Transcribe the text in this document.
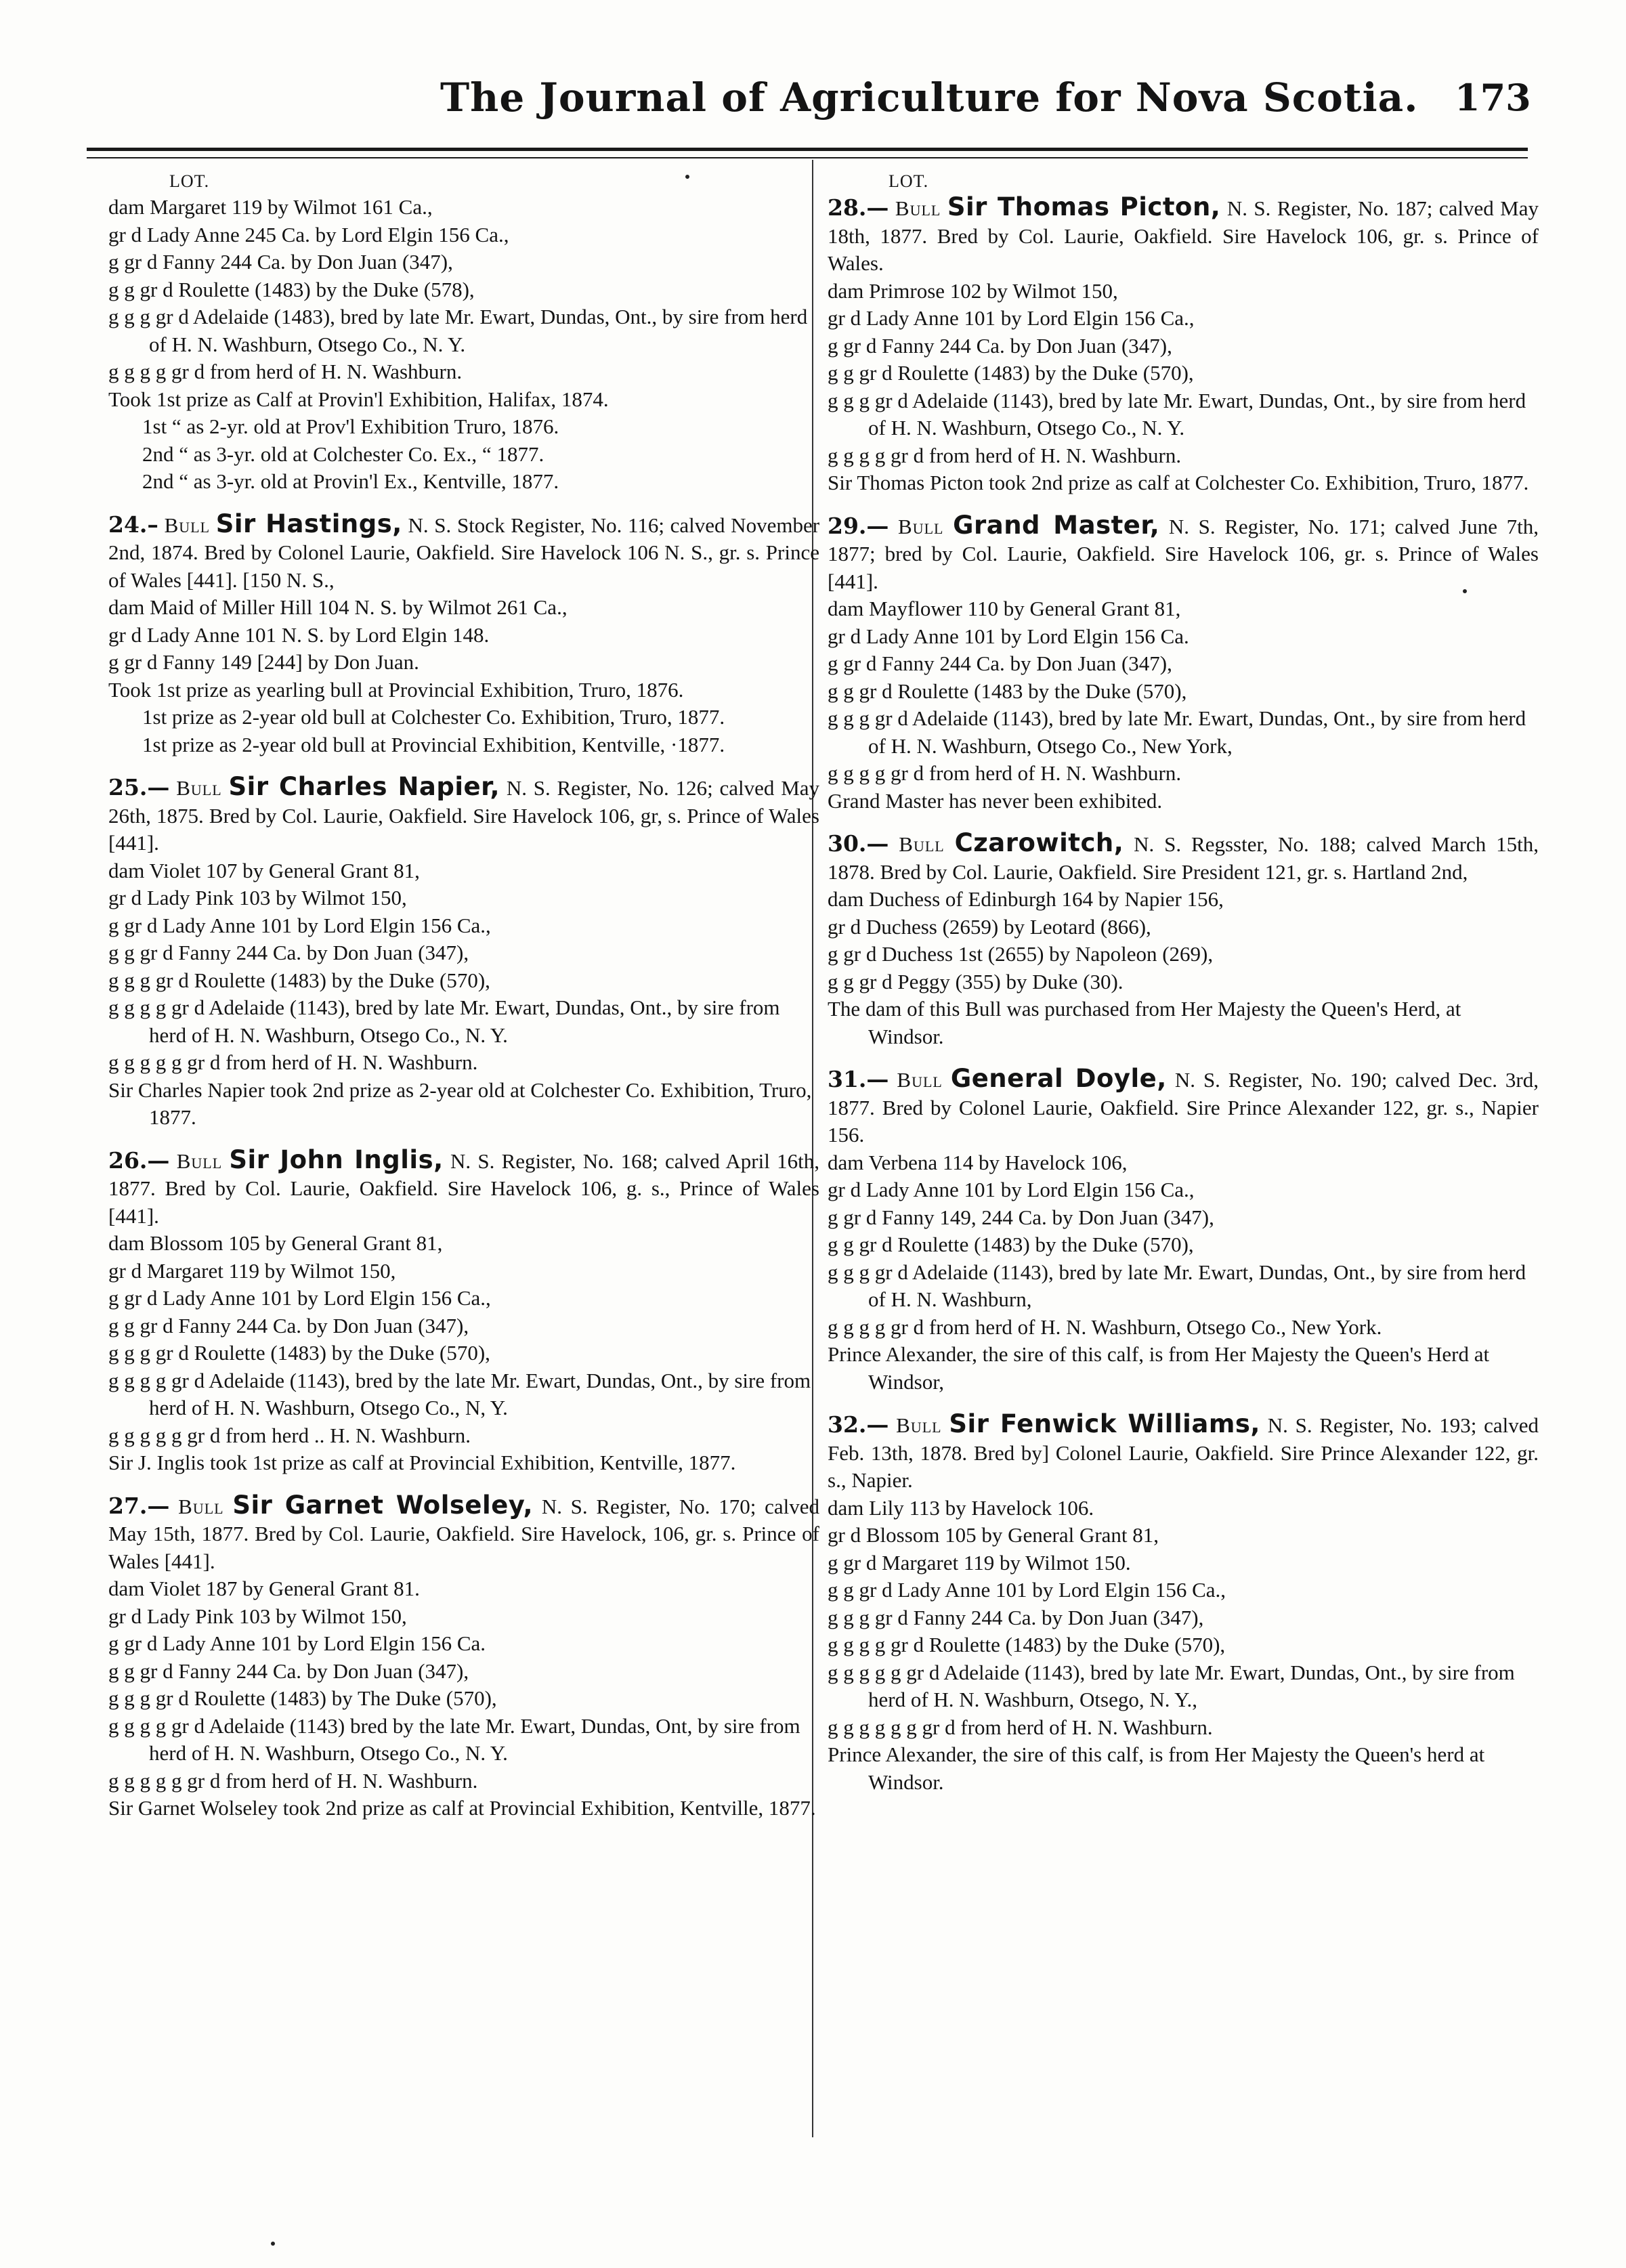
The Journal of Agriculture for Nova Scotia. 173
LOT.
dam Margaret 119 by Wilmot 161 Ca.,
gr d Lady Anne 245 Ca. by Lord Elgin 156 Ca.,
g gr d Fanny 244 Ca. by Don Juan (347),
g g gr d Roulette (1483) by the Duke (578),
g g g gr d Adelaide (1483), bred by late Mr. Ewart, Dundas, Ont., by sire from herd of H. N. Washburn, Otsego Co., N. Y.
g g g g gr d from herd of H. N. Washburn.
Took 1st prize as Calf at Provin'l Exhibition, Halifax, 1874.
1st “ as 2-yr. old at Prov'l Exhibition Truro, 1876.
2nd “ as 3-yr. old at Colchester Co. Ex., “ 1877.
2nd “ as 3-yr. old at Provin'l Ex., Kentville, 1877.
24.– Bull Sir Hastings, N. S. Stock Register, No. 116; calved November 2nd, 1874. Bred by Colonel Laurie, Oakfield. Sire Havelock 106 N. S., gr. s. Prince of Wales [441]. [150 N. S.,
dam Maid of Miller Hill 104 N. S. by Wilmot 261 Ca.,
gr d Lady Anne 101 N. S. by Lord Elgin 148.
g gr d Fanny 149 [244] by Don Juan.
Took 1st prize as yearling bull at Provincial Exhibition, Truro, 1876.
1st prize as 2-year old bull at Colchester Co. Exhibition, Truro, 1877.
1st prize as 2-year old bull at Provincial Exhibition, Kentville, ·1877.
25.— Bull Sir Charles Napier, N. S. Register, No. 126; calved May 26th, 1875. Bred by Col. Laurie, Oakfield. Sire Havelock 106, gr, s. Prince of Wales [441].
dam Violet 107 by General Grant 81,
gr d Lady Pink 103 by Wilmot 150,
g gr d Lady Anne 101 by Lord Elgin 156 Ca.,
g g gr d Fanny 244 Ca. by Don Juan (347),
g g g gr d Roulette (1483) by the Duke (570),
g g g g gr d Adelaide (1143), bred by late Mr. Ewart, Dundas, Ont., by sire from herd of H. N. Washburn, Otsego Co., N. Y.
g g g g g gr d from herd of H. N. Washburn.
Sir Charles Napier took 2nd prize as 2-year old at Colchester Co. Exhibition, Truro, 1877.
26.— Bull Sir John Inglis, N. S. Register, No. 168; calved April 16th, 1877. Bred by Col. Laurie, Oakfield. Sire Havelock 106, g. s., Prince of Wales [441].
dam Blossom 105 by General Grant 81,
gr d Margaret 119 by Wilmot 150,
g gr d Lady Anne 101 by Lord Elgin 156 Ca.,
g g gr d Fanny 244 Ca. by Don Juan (347),
g g g gr d Roulette (1483) by the Duke (570),
g g g g gr d Adelaide (1143), bred by the late Mr. Ewart, Dundas, Ont., by sire from herd of H. N. Washburn, Otsego Co., N, Y.
g g g g g gr d from herd .. H. N. Washburn.
Sir J. Inglis took 1st prize as calf at Provincial Exhibition, Kentville, 1877.
27.— Bull Sir Garnet Wolseley, N. S. Register, No. 170; calved May 15th, 1877. Bred by Col. Laurie, Oakfield. Sire Havelock, 106, gr. s. Prince of Wales [441].
dam Violet 187 by General Grant 81.
gr d Lady Pink 103 by Wilmot 150,
g gr d Lady Anne 101 by Lord Elgin 156 Ca.
g g gr d Fanny 244 Ca. by Don Juan (347),
g g g gr d Roulette (1483) by The Duke (570),
g g g g gr d Adelaide (1143) bred by the late Mr. Ewart, Dundas, Ont, by sire from herd of H. N. Washburn, Otsego Co., N. Y.
g g g g g gr d from herd of H. N. Washburn.
Sir Garnet Wolseley took 2nd prize as calf at Provincial Exhibition, Kentville, 1877.
LOT.
28.— Bull Sir Thomas Picton, N. S. Register, No. 187; calved May 18th, 1877. Bred by Col. Laurie, Oakfield. Sire Havelock 106, gr. s. Prince of Wales.
dam Primrose 102 by Wilmot 150,
gr d Lady Anne 101 by Lord Elgin 156 Ca.,
g gr d Fanny 244 Ca. by Don Juan (347),
g g gr d Roulette (1483) by the Duke (570),
g g g gr d Adelaide (1143), bred by late Mr. Ewart, Dundas, Ont., by sire from herd of H. N. Washburn, Otsego Co., N. Y.
g g g g gr d from herd of H. N. Washburn.
Sir Thomas Picton took 2nd prize as calf at Colchester Co. Exhibition, Truro, 1877.
29.— Bull Grand Master, N. S. Register, No. 171; calved June 7th, 1877; bred by Col. Laurie, Oakfield. Sire Havelock 106, gr. s. Prince of Wales [441].
dam Mayflower 110 by General Grant 81,
gr d Lady Anne 101 by Lord Elgin 156 Ca.
g gr d Fanny 244 Ca. by Don Juan (347),
g g gr d Roulette (1483 by the Duke (570),
g g g gr d Adelaide (1143), bred by late Mr. Ewart, Dundas, Ont., by sire from herd of H. N. Washburn, Otsego Co., New York,
g g g g gr d from herd of H. N. Washburn.
Grand Master has never been exhibited.
30.— Bull Czarowitch, N. S. Regsster, No. 188; calved March 15th, 1878. Bred by Col. Laurie, Oakfield. Sire President 121, gr. s. Hartland 2nd,
dam Duchess of Edinburgh 164 by Napier 156,
gr d Duchess (2659) by Leotard (866),
g gr d Duchess 1st (2655) by Napoleon (269),
g g gr d Peggy (355) by Duke (30).
The dam of this Bull was purchased from Her Majesty the Queen's Herd, at Windsor.
31.— Bull General Doyle, N. S. Register, No. 190; calved Dec. 3rd, 1877. Bred by Colonel Laurie, Oakfield. Sire Prince Alexander 122, gr. s., Napier 156.
dam Verbena 114 by Havelock 106,
gr d Lady Anne 101 by Lord Elgin 156 Ca.,
g gr d Fanny 149, 244 Ca. by Don Juan (347),
g g gr d Roulette (1483) by the Duke (570),
g g g gr d Adelaide (1143), bred by late Mr. Ewart, Dundas, Ont., by sire from herd of H. N. Washburn,
g g g g gr d from herd of H. N. Washburn, Otsego Co., New York.
Prince Alexander, the sire of this calf, is from Her Majesty the Queen's Herd at Windsor,
32.— Bull Sir Fenwick Williams, N. S. Register, No. 193; calved Feb. 13th, 1878. Bred by] Colonel Laurie, Oakfield. Sire Prince Alexander 122, gr. s., Napier.
dam Lily 113 by Havelock 106.
gr d Blossom 105 by General Grant 81,
g gr d Margaret 119 by Wilmot 150.
g g gr d Lady Anne 101 by Lord Elgin 156 Ca.,
g g g gr d Fanny 244 Ca. by Don Juan (347),
g g g g gr d Roulette (1483) by the Duke (570),
g g g g g gr d Adelaide (1143), bred by late Mr. Ewart, Dundas, Ont., by sire from herd of H. N. Washburn, Otsego, N. Y.,
g g g g g g gr d from herd of H. N. Washburn.
Prince Alexander, the sire of this calf, is from Her Majesty the Queen's herd at Windsor.
